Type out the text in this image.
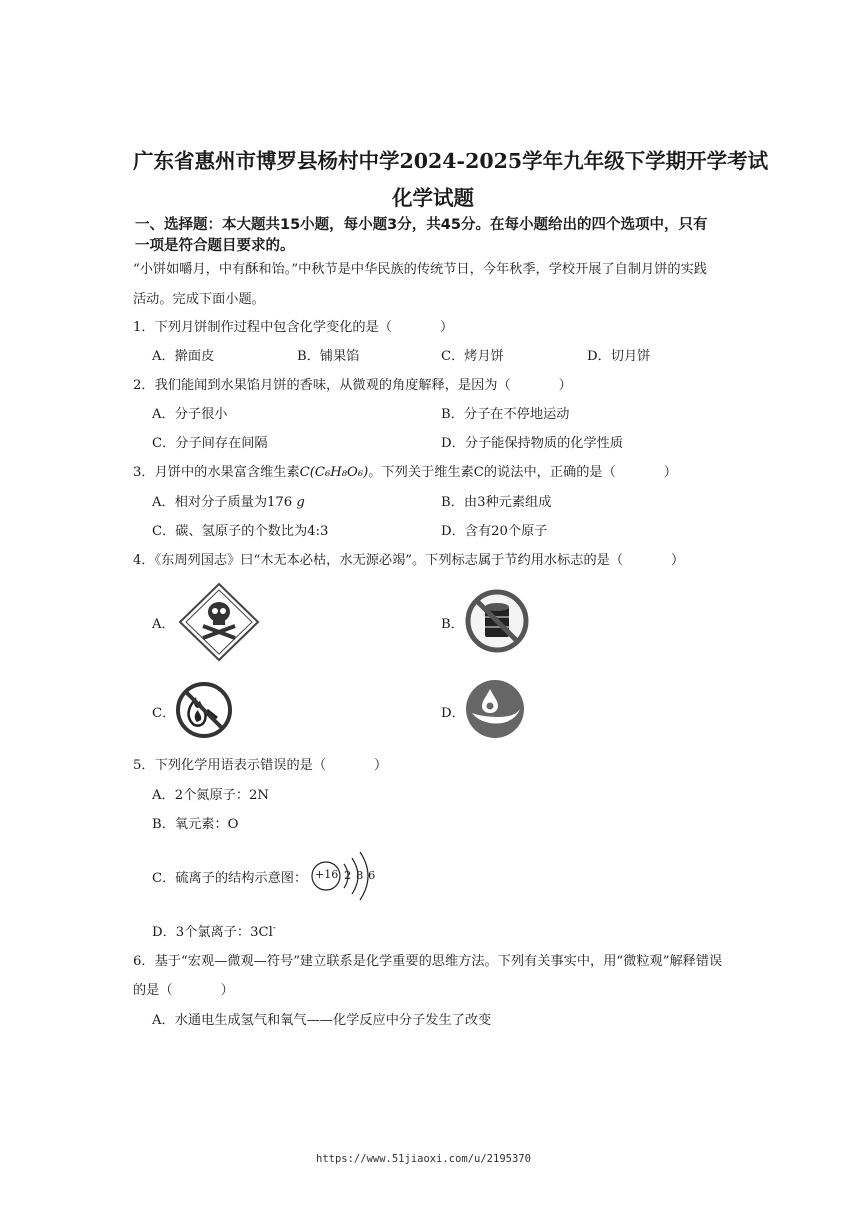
广东省惠州市博罗县杨村中学2024-2025学年九年级下学期开学考试
化学试题
一、选择题：本大题共15小题，每小题3分，共45分。在每小题给出的四个选项中，只有
一项是符合题目要求的。
“小饼如嚼月，中有酥和饴。”中秋节是中华民族的传统节日，今年秋季，学校开展了自制月饼的实践
活动。完成下面小题。
1．下列月饼制作过程中包含化学变化的是（	）
A．擀面皮	B．铺果馅	C．烤月饼	D．切月饼
2．我们能闻到水果馅月饼的香味，从微观的角度解释，是因为（	）
A．分子很小	B．分子在不停地运动
C．分子间存在间隔	D．分子能保持物质的化学性质
3．月饼中的水果富含维生素C(C₆H₈O₆)。下列关于维生素C的说法中，正确的是（	）
A．相对分子质量为176 g	B．由3种元素组成
C．碳、氢原子的个数比为4:3	D．含有20个原子
4．《东周列国志》曰“木无本必枯，水无源必竭”。下列标志属于节约用水标志的是（	）
A．	B．
C．	D．
5．下列化学用语表示错误的是（	）
A．2个氮原子：2N
B．氧元素：O
C．硫离子的结构示意图： +16 2 8 6
D．3个氯离子：3Cl-
6．基于“宏观—微观—符号”建立联系是化学重要的思维方法。下列有关事实中，用“微粒观”解释错误
的是（	）
A．水通电生成氢气和氧气——化学反应中分子发生了改变
https://www.51jiaoxi.com/u/2195370
